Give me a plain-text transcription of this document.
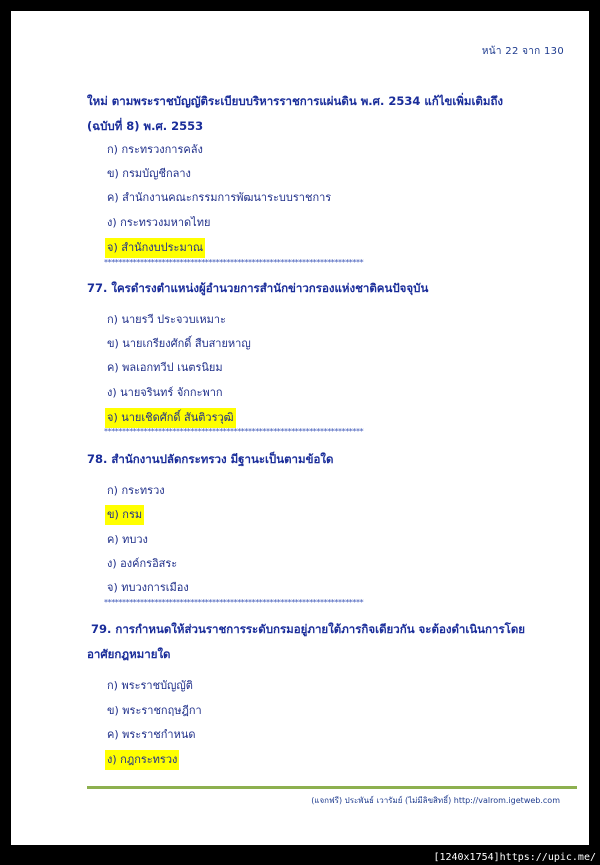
หน้า 22 จาก 130
ใหม่ ตามพระราชบัญญัติระเบียบบริหารราชการแผ่นดิน พ.ศ. 2534 แก้ไขเพิ่มเติมถึง
(ฉบับที่ 8) พ.ศ. 2553
ก) กระทรวงการคลัง
ข) กรมบัญชีกลาง
ค) สำนักงานคณะกรรมการพัฒนาระบบราชการ
ง) กระทรวงมหาดไทย
จ) สำนักงบประมาณ
************************************************************************
77. ใครดำรงตำแหน่งผู้อำนวยการสำนักข่าวกรองแห่งชาติคนปัจจุบัน
ก) นายรวี ประจวบเหมาะ
ข) นายเกรียงศักดิ์ สืบสายหาญ
ค) พลเอกทวีป เนตรนิยม
ง) นายจรินทร์ จักกะพาก
จ) นายเชิดศักดิ์ สันติวรวุฒิ
************************************************************************
78. สำนักงานปลัดกระทรวง มีฐานะเป็นตามข้อใด
ก) กระทรวง
ข) กรม
ค) ทบวง
ง) องค์กรอิสระ
จ) ทบวงการเมือง
************************************************************************
79. การกำหนดให้ส่วนราชการระดับกรมอยู่ภายใต้ภารกิจเดียวกัน จะต้องดำเนินการโดย
อาศัยกฎหมายใด
ก) พระราชบัญญัติ
ข) พระราชกฤษฎีกา
ค) พระราชกำหนด
ง) กฎกระทรวง
(แจกฟรี) ประพันธ์ เวารัมย์ (ไม่มีลิขสิทธิ์) http://valrom.igetweb.com
[1240x1754]https://upic.me/
